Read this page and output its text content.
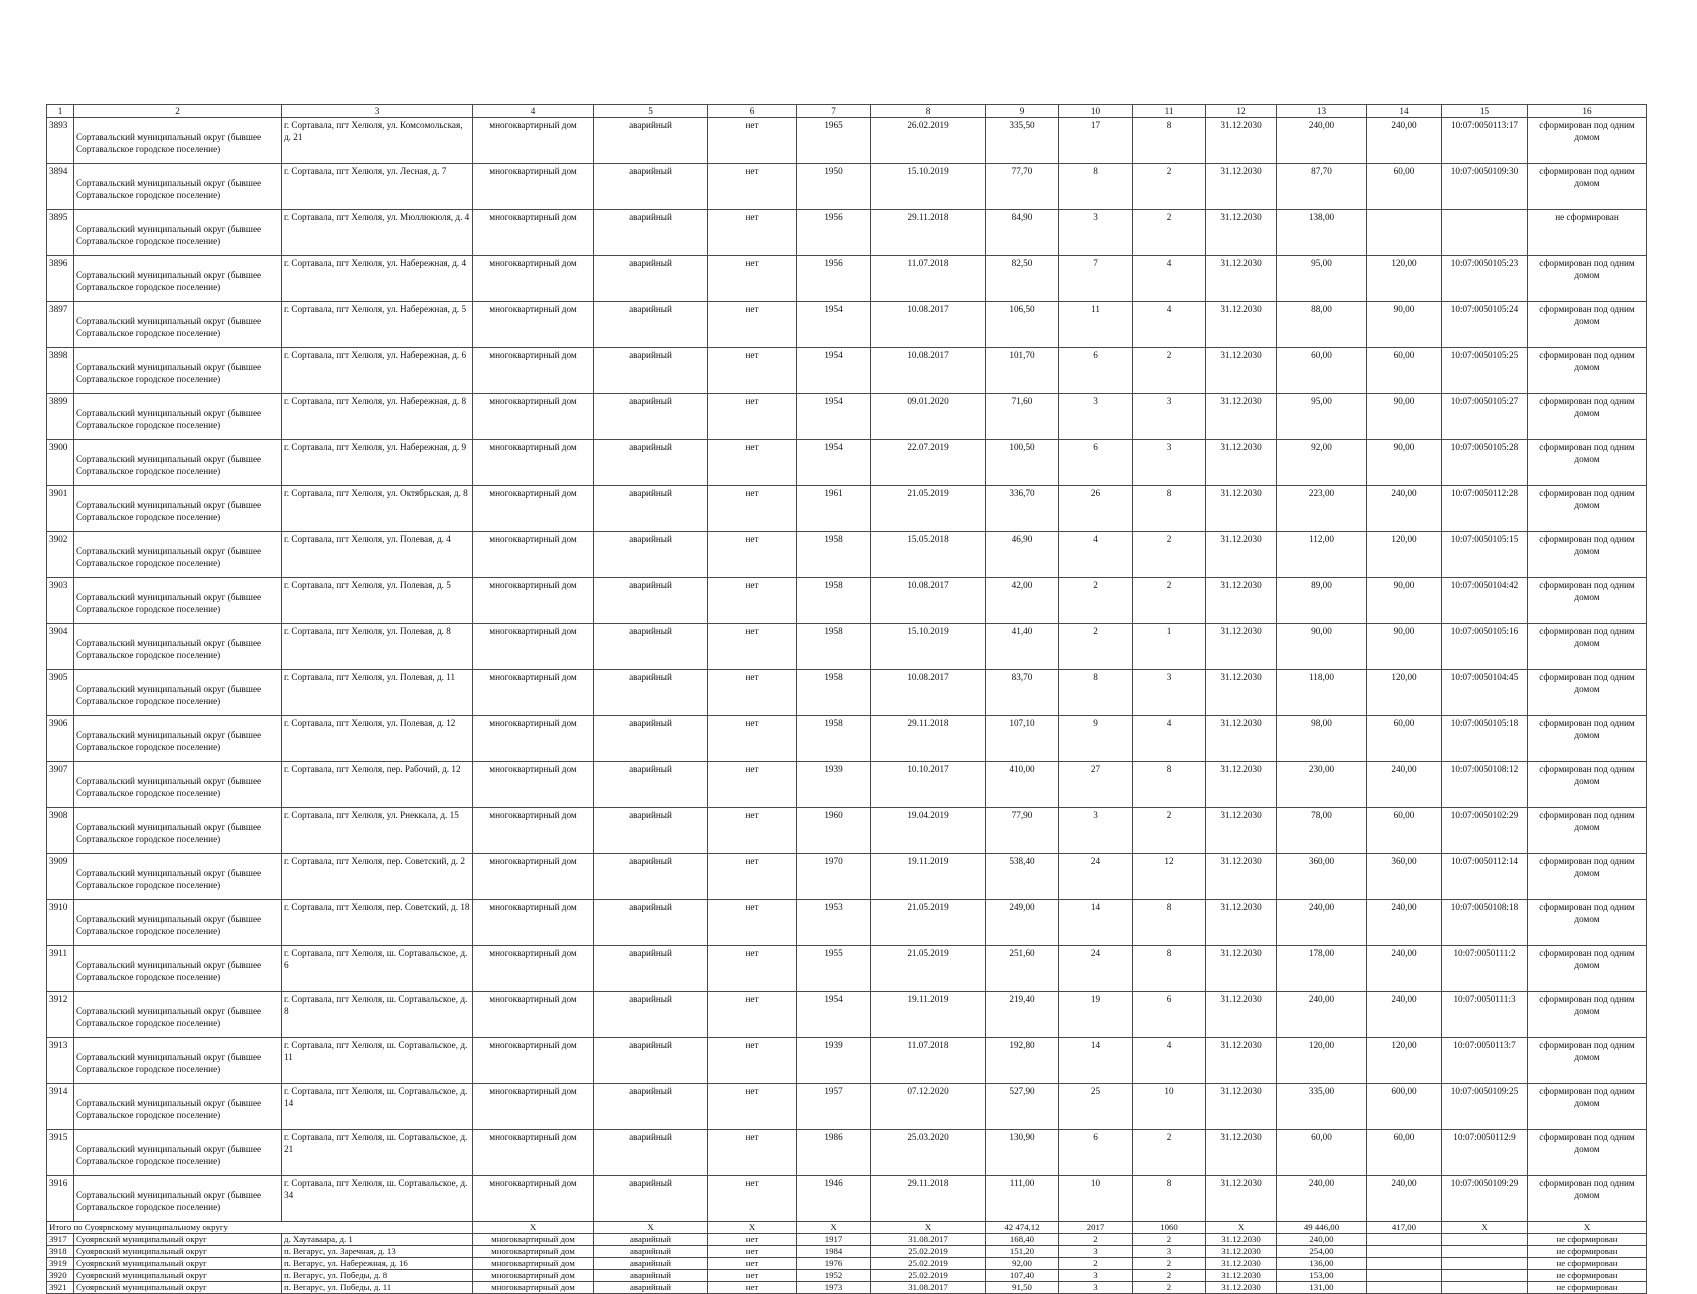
1	2	3	4	5	6	7	8	9	10	11	12	13	14	15	16
3893	Сортавальский муниципальный округ (бывшее Сортавальское городское поселение)	г. Сортавала, пгт Хелюля, ул. Комсомольская, д. 21	многоквартирный дом	аварийный	нет	1965	26.02.2019	335,50	17	8	31.12.2030	240,00	240,00	10:07:0050113:17	сформирован под одним домом
3894	Сортавальский муниципальный округ (бывшее Сортавальское городское поселение)	г. Сортавала, пгт Хелюля, ул. Лесная, д. 7	многоквартирный дом	аварийный	нет	1950	15.10.2019	77,70	8	2	31.12.2030	87,70	60,00	10:07:0050109:30	сформирован под одним домом
3895	Сортавальский муниципальный округ (бывшее Сортавальское городское поселение)	г. Сортавала, пгт Хелюля, ул. Мюллюкюля, д. 4	многоквартирный дом	аварийный	нет	1956	29.11.2018	84,90	3	2	31.12.2030	138,00			не сформирован
3896	Сортавальский муниципальный округ (бывшее Сортавальское городское поселение)	г. Сортавала, пгт Хелюля, ул. Набережная, д. 4	многоквартирный дом	аварийный	нет	1956	11.07.2018	82,50	7	4	31.12.2030	95,00	120,00	10:07:0050105:23	сформирован под одним домом
3897	Сортавальский муниципальный округ (бывшее Сортавальское городское поселение)	г. Сортавала, пгт Хелюля, ул. Набережная, д. 5	многоквартирный дом	аварийный	нет	1954	10.08.2017	106,50	11	4	31.12.2030	88,00	90,00	10:07:0050105:24	сформирован под одним домом
3898	Сортавальский муниципальный округ (бывшее Сортавальское городское поселение)	г. Сортавала, пгт Хелюля, ул. Набережная, д. 6	многоквартирный дом	аварийный	нет	1954	10.08.2017	101,70	6	2	31.12.2030	60,00	60,00	10:07:0050105:25	сформирован под одним домом
3899	Сортавальский муниципальный округ (бывшее Сортавальское городское поселение)	г. Сортавала, пгт Хелюля, ул. Набережная, д. 8	многоквартирный дом	аварийный	нет	1954	09.01.2020	71,60	3	3	31.12.2030	95,00	90,00	10:07:0050105:27	сформирован под одним домом
3900	Сортавальский муниципальный округ (бывшее Сортавальское городское поселение)	г. Сортавала, пгт Хелюля, ул. Набережная, д. 9	многоквартирный дом	аварийный	нет	1954	22.07.2019	100,50	6	3	31.12.2030	92,00	90,00	10:07:0050105:28	сформирован под одним домом
3901	Сортавальский муниципальный округ (бывшее Сортавальское городское поселение)	г. Сортавала, пгт Хелюля, ул. Октябрьская, д. 8	многоквартирный дом	аварийный	нет	1961	21.05.2019	336,70	26	8	31.12.2030	223,00	240,00	10:07:0050112:28	сформирован под одним домом
3902	Сортавальский муниципальный округ (бывшее Сортавальское городское поселение)	г. Сортавала, пгт Хелюля, ул. Полевая, д. 4	многоквартирный дом	аварийный	нет	1958	15.05.2018	46,90	4	2	31.12.2030	112,00	120,00	10:07:0050105:15	сформирован под одним домом
3903	Сортавальский муниципальный округ (бывшее Сортавальское городское поселение)	г. Сортавала, пгт Хелюля, ул. Полевая, д. 5	многоквартирный дом	аварийный	нет	1958	10.08.2017	42,00	2	2	31.12.2030	89,00	90,00	10:07:0050104:42	сформирован под одним домом
3904	Сортавальский муниципальный округ (бывшее Сортавальское городское поселение)	г. Сортавала, пгт Хелюля, ул. Полевая, д. 8	многоквартирный дом	аварийный	нет	1958	15.10.2019	41,40	2	1	31.12.2030	90,00	90,00	10:07:0050105:16	сформирован под одним домом
3905	Сортавальский муниципальный округ (бывшее Сортавальское городское поселение)	г. Сортавала, пгт Хелюля, ул. Полевая, д. 11	многоквартирный дом	аварийный	нет	1958	10.08.2017	83,70	8	3	31.12.2030	118,00	120,00	10:07:0050104:45	сформирован под одним домом
3906	Сортавальский муниципальный округ (бывшее Сортавальское городское поселение)	г. Сортавала, пгт Хелюля, ул. Полевая, д. 12	многоквартирный дом	аварийный	нет	1958	29.11.2018	107,10	9	4	31.12.2030	98,00	60,00	10:07:0050105:18	сформирован под одним домом
3907	Сортавальский муниципальный округ (бывшее Сортавальское городское поселение)	г. Сортавала, пгт Хелюля, пер. Рабочий, д. 12	многоквартирный дом	аварийный	нет	1939	10.10.2017	410,00	27	8	31.12.2030	230,00	240,00	10:07:0050108:12	сформирован под одним домом
3908	Сортавальский муниципальный округ (бывшее Сортавальское городское поселение)	г. Сортавала, пгт Хелюля, ул. Рнеккала, д. 15	многоквартирный дом	аварийный	нет	1960	19.04.2019	77,90	3	2	31.12.2030	78,00	60,00	10:07:0050102:29	сформирован под одним домом
3909	Сортавальский муниципальный округ (бывшее Сортавальское городское поселение)	г. Сортавала, пгт Хелюля, пер. Советский, д. 2	многоквартирный дом	аварийный	нет	1970	19.11.2019	538,40	24	12	31.12.2030	360,00	360,00	10:07:0050112:14	сформирован под одним домом
3910	Сортавальский муниципальный округ (бывшее Сортавальское городское поселение)	г. Сортавала, пгт Хелюля, пер. Советский, д. 18	многоквартирный дом	аварийный	нет	1953	21.05.2019	249,00	14	8	31.12.2030	240,00	240,00	10:07:0050108:18	сформирован под одним домом
3911	Сортавальский муниципальный округ (бывшее Сортавальское городское поселение)	г. Сортавала, пгт Хелюля, ш. Сортавальское, д. 6	многоквартирный дом	аварийный	нет	1955	21.05.2019	251,60	24	8	31.12.2030	178,00	240,00	10:07:0050111:2	сформирован под одним домом
3912	Сортавальский муниципальный округ (бывшее Сортавальское городское поселение)	г. Сортавала, пгт Хелюля, ш. Сортавальское, д. 8	многоквартирный дом	аварийный	нет	1954	19.11.2019	219,40	19	6	31.12.2030	240,00	240,00	10:07:0050111:3	сформирован под одним домом
3913	Сортавальский муниципальный округ (бывшее Сортавальское городское поселение)	г. Сортавала, пгт Хелюля, ш. Сортавальское, д. 11	многоквартирный дом	аварийный	нет	1939	11.07.2018	192,80	14	4	31.12.2030	120,00	120,00	10:07:0050113:7	сформирован под одним домом
3914	Сортавальский муниципальный округ (бывшее Сортавальское городское поселение)	г. Сортавала, пгт Хелюля, ш. Сортавальское, д. 14	многоквартирный дом	аварийный	нет	1957	07.12.2020	527,90	25	10	31.12.2030	335,00	600,00	10:07:0050109:25	сформирован под одним домом
3915	Сортавальский муниципальный округ (бывшее Сортавальское городское поселение)	г. Сортавала, пгт Хелюля, ш. Сортавальское, д. 21	многоквартирный дом	аварийный	нет	1986	25.03.2020	130,90	6	2	31.12.2030	60,00	60,00	10:07:0050112:9	сформирован под одним домом
3916	Сортавальский муниципальный округ (бывшее Сортавальское городское поселение)	г. Сортавала, пгт Хелюля, ш. Сортавальское, д. 34	многоквартирный дом	аварийный	нет	1946	29.11.2018	111,00	10	8	31.12.2030	240,00	240,00	10:07:0050109:29	сформирован под одним домом
Итого по Суоярвскому муниципальному округу			X	X	X	X	X	42 474,12	2017	1060	X	49 446,00	417,00	X	X
3917	Суоярвский муниципальный округ	д. Хаутаваара, д. 1	многоквартирный дом	аварийный	нет	1917	31.08.2017	168,40	2	2	31.12.2030	240,00			не сформирован
3918	Суоярвский муниципальный округ	п. Вегарус, ул. Заречная, д. 13	многоквартирный дом	аварийный	нет	1984	25.02.2019	151,20	3	3	31.12.2030	254,00			не сформирован
3919	Суоярвский муниципальный округ	п. Вегарус, ул. Набережная, д. 16	многоквартирный дом	аварийный	нет	1976	25.02.2019	92,00	2	2	31.12.2030	136,00			не сформирован
3920	Суоярвский муниципальный округ	п. Вегарус, ул. Победы, д. 8	многоквартирный дом	аварийный	нет	1952	25.02.2019	107,40	3	2	31.12.2030	153,00			не сформирован
3921	Суоярвский муниципальный округ	п. Вегарус, ул. Победы, д. 11	многоквартирный дом	аварийный	нет	1973	31.08.2017	91,50	3	2	31.12.2030	131,00			не сформирован
